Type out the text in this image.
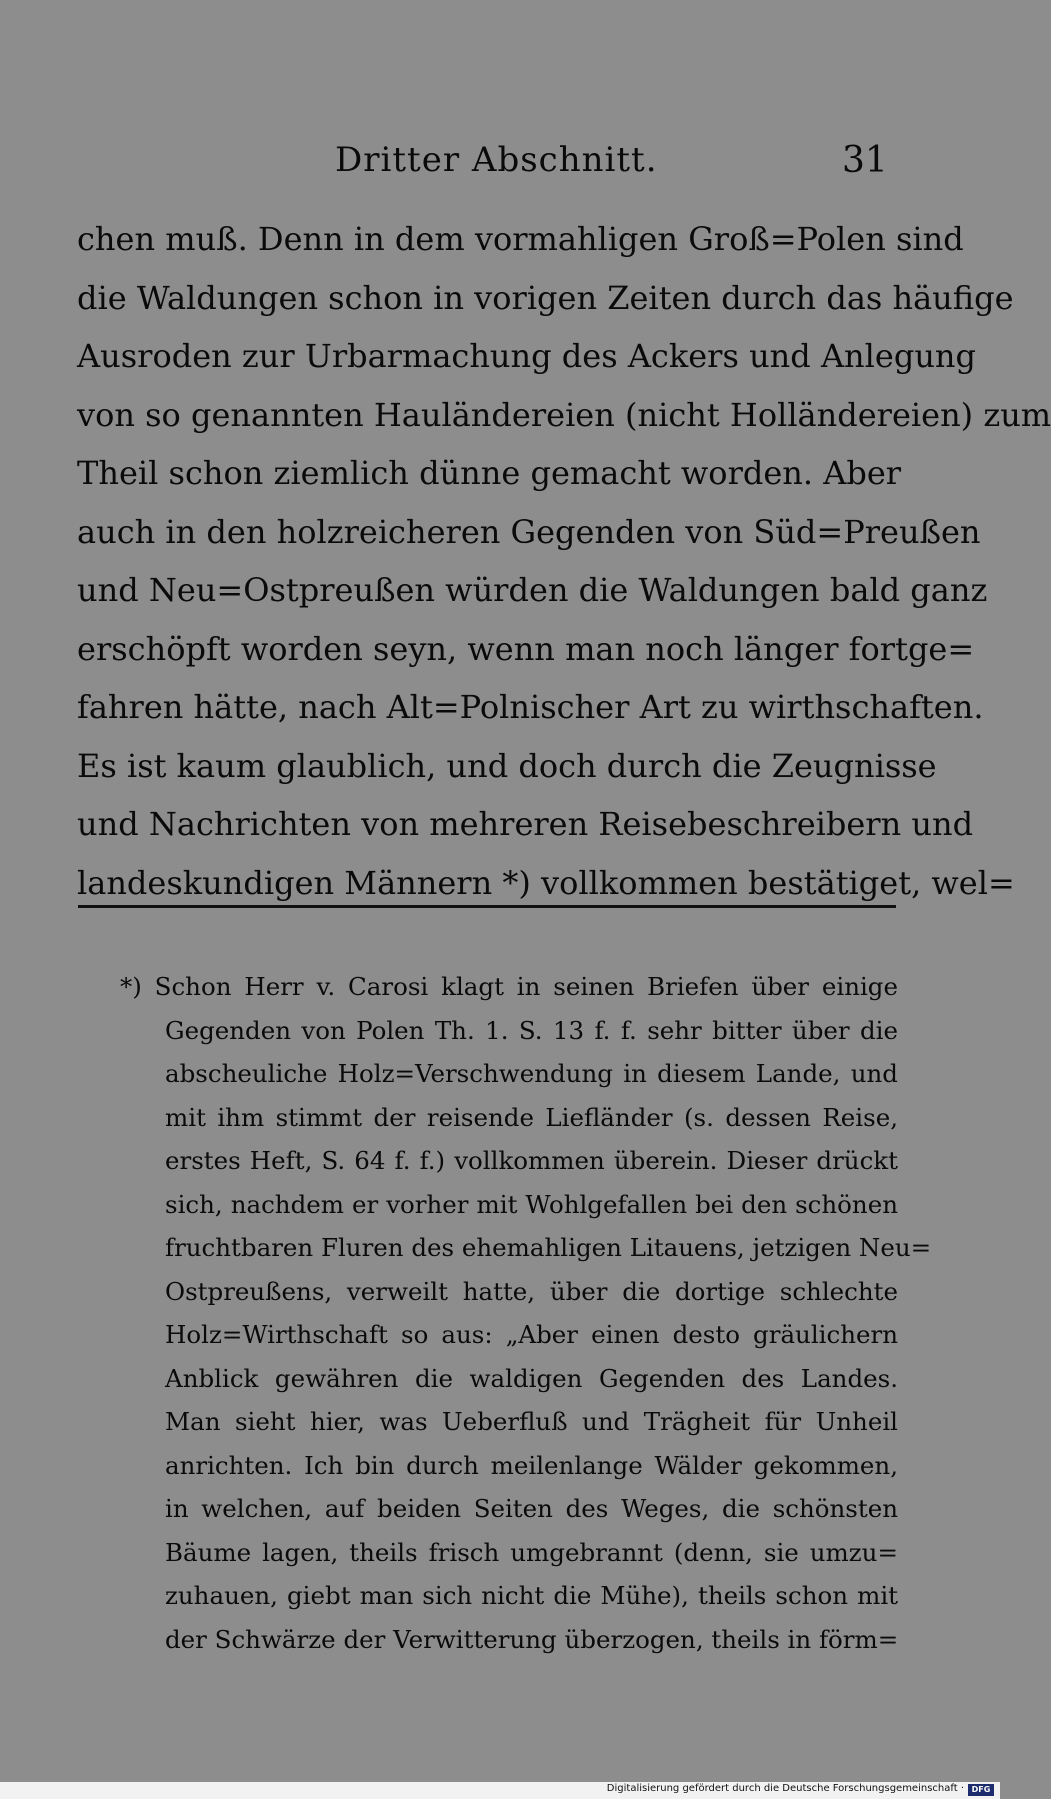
Dritter Abschnitt.	31
chen muß. Denn in dem vormahligen Groß=Polen sind
die Waldungen schon in vorigen Zeiten durch das häufige
Ausroden zur Urbarmachung des Ackers und Anlegung
von so genannten Hauländereien (nicht Holländereien) zum
Theil schon ziemlich dünne gemacht worden. Aber
auch in den holzreicheren Gegenden von Süd=Preußen
und Neu=Ostpreußen würden die Waldungen bald ganz
erschöpft worden seyn, wenn man noch länger fortge=
fahren hätte, nach Alt=Polnischer Art zu wirthschaften.
Es ist kaum glaublich, und doch durch die Zeugnisse
und Nachrichten von mehreren Reisebeschreibern und
landeskundigen Männern *) vollkommen bestätiget, wel=
*) Schon Herr v. Carosi klagt in seinen Briefen über einige
Gegenden von Polen Th. 1. S. 13 f. f. sehr bitter über die
abscheuliche Holz=Verschwendung in diesem Lande, und
mit ihm stimmt der reisende Liefländer (s. dessen Reise,
erstes Heft, S. 64 f. f.) vollkommen überein. Dieser drückt
sich, nachdem er vorher mit Wohlgefallen bei den schönen
fruchtbaren Fluren des ehemahligen Litauens, jetzigen Neu=
Ostpreußens, verweilt hatte, über die dortige schlechte
Holz=Wirthschaft so aus: „Aber einen desto gräulichern
Anblick gewähren die waldigen Gegenden des Landes.
Man sieht hier, was Ueberfluß und Trägheit für Unheil
anrichten. Ich bin durch meilenlange Wälder gekommen,
in welchen, auf beiden Seiten des Weges, die schönsten
Bäume lagen, theils frisch umgebrannt (denn, sie umzu=
zuhauen, giebt man sich nicht die Mühe), theils schon mit
der Schwärze der Verwitterung überzogen, theils in förm=
Digitalisierung gefördert durch die Deutsche Forschungsgemeinschaft · DFG
